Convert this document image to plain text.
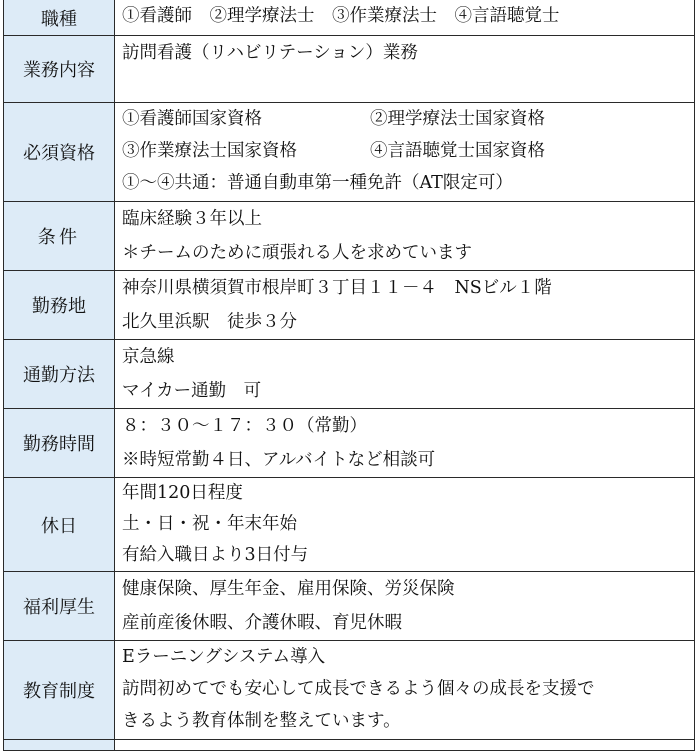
職種	①看護師　 ②理学療法士　 ③作業療法士　 ④言語聴覚士

業務内容	訪問看護（リハビリテーション）業務

必須資格	①看護師国家資格 ②理学療法士国家資格
③作業療法士国家資格 ④言語聴覚士国家資格
①～④共通：普通自動車第一種免許（AT限定可）

条件	臨床経験３年以上
＊チームのために頑張れる人を求めています

勤務地	神奈川県横須賀市根岸町３丁目１１－４　NSビル１階
北久里浜駅　徒歩３分

通勤方法	京急線
マイカー通勤　可

勤務時間	８：３０～１７：３０（常勤）
※時短常勤４日、アルバイトなど相談可

休日	年間120日程度
土・日・祝・年末年始
有給入職日より3日付与

福利厚生	健康保険、厚生年金、雇用保険、労災保険
産前産後休暇、介護休暇、育児休暇

教育制度	Eラーニングシステム導入
訪問初めてでも安心して成長できるよう個々の成長を支援で
きるよう教育体制を整えています。
